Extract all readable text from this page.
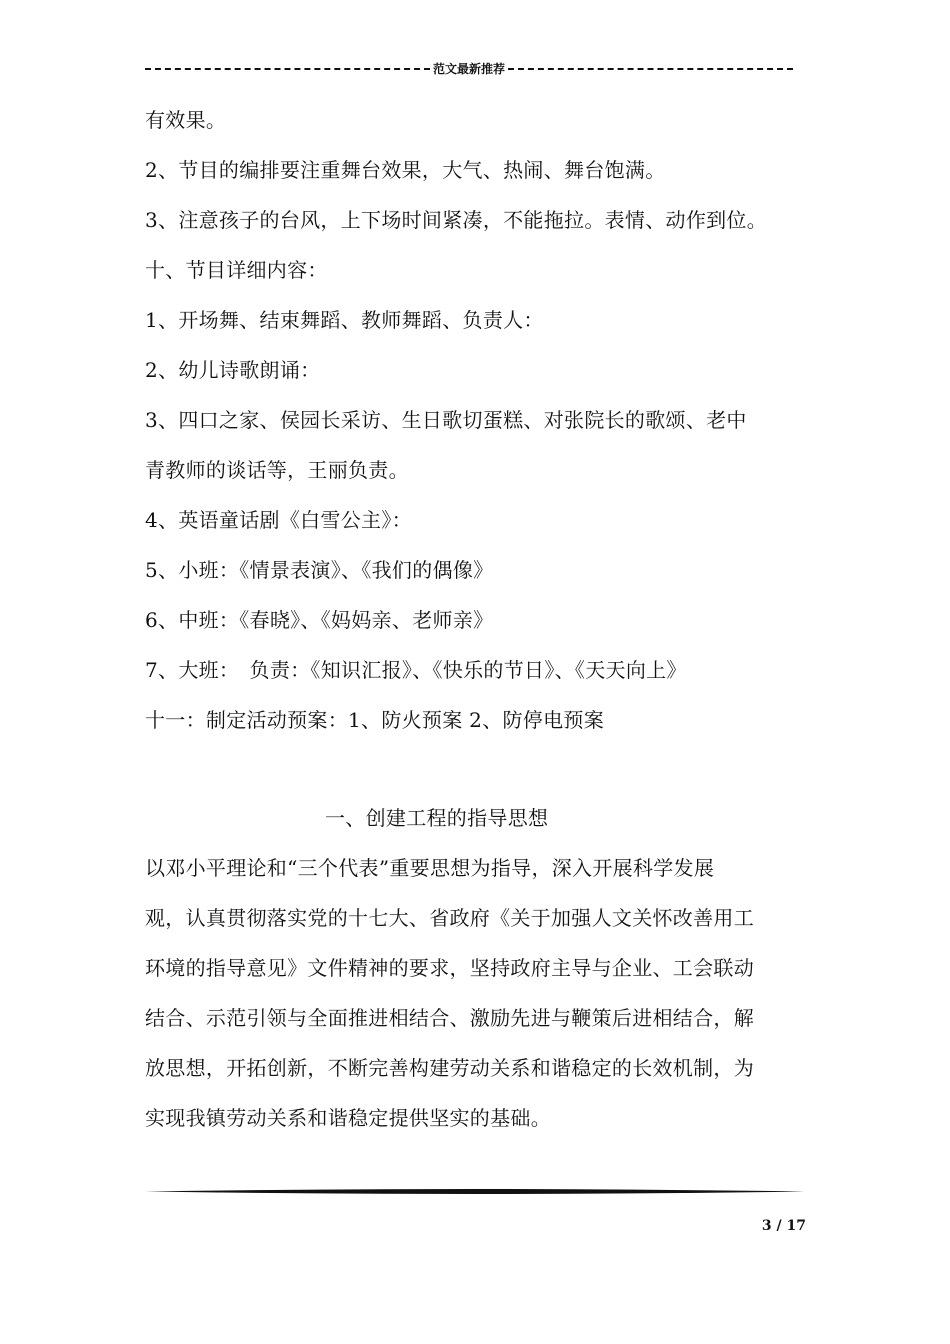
范文最新推荐
有效果。
2、节目的编排要注重舞台效果，大气、热闹、舞台饱满。
3、注意孩子的台风，上下场时间紧凑，不能拖拉。表情、动作到位。
十、节目详细内容：
1、开场舞、结束舞蹈、教师舞蹈、负责人：
2、幼儿诗歌朗诵：
3、四口之家、侯园长采访、生日歌切蛋糕、对张院长的歌颂、老中
青教师的谈话等，王丽负责。
4、英语童话剧《白雪公主》：
5、小班：《情景表演》、《我们的偶像》
6、中班：《春晓》、《妈妈亲、老师亲》
7、大班：　负责：《知识汇报》、《快乐的节日》、《天天向上》
十一：制定活动预案：1、防火预案 2、防停电预案
一、创建工程的指导思想
以邓小平理论和“三个代表”重要思想为指导，深入开展科学发展
观，认真贯彻落实党的十七大、省政府《关于加强人文关怀改善用工
环境的指导意见》文件精神的要求，坚持政府主导与企业、工会联动
结合、示范引领与全面推进相结合、激励先进与鞭策后进相结合，解
放思想，开拓创新，不断完善构建劳动关系和谐稳定的长效机制，为
实现我镇劳动关系和谐稳定提供坚实的基础。
3 / 17
